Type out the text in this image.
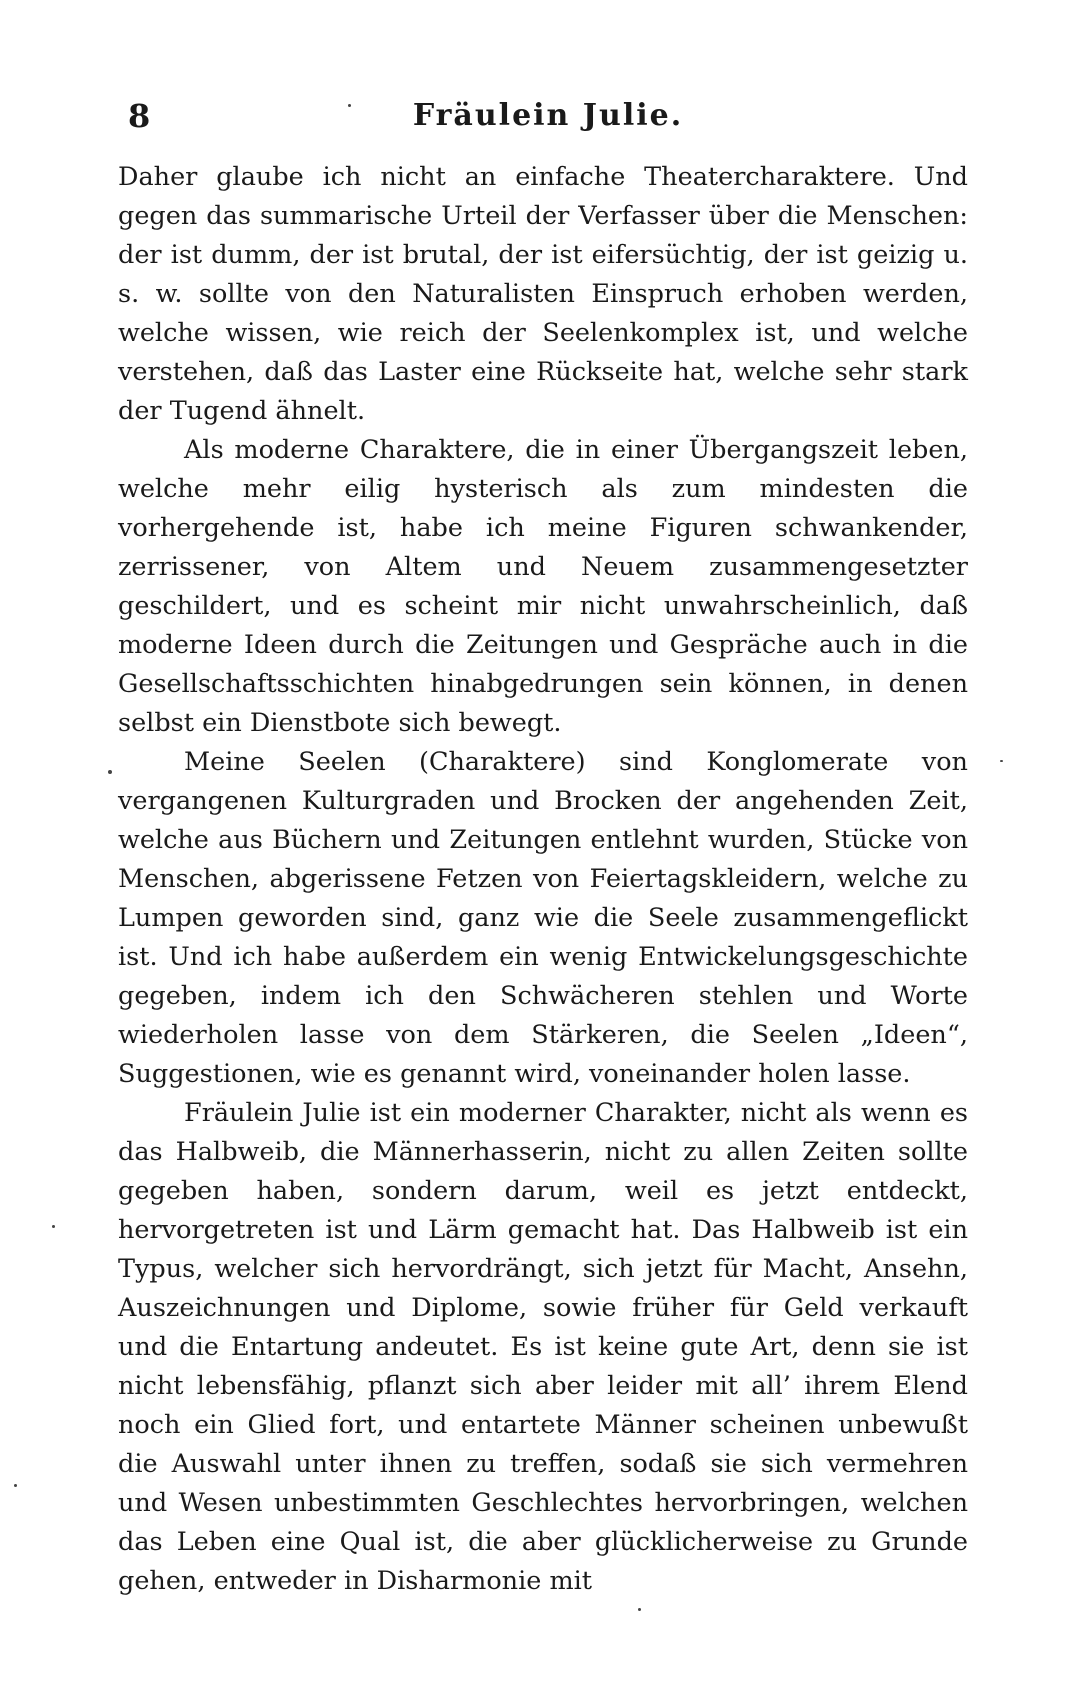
8	Fräulein Julie.

Daher glaube ich nicht an einfache Theatercharaktere. Und gegen das summarische Urteil der Verfasser über die Menschen: der ist dumm, der ist brutal, der ist eifersüchtig, der ist geizig u. s. w. sollte von den Naturalisten Einspruch erhoben werden, welche wissen, wie reich der Seelenkomplex ist, und welche verstehen, daß das Laster eine Rückseite hat, welche sehr stark der Tugend ähnelt.

Als moderne Charaktere, die in einer Übergangszeit leben, welche mehr eilig hysterisch als zum mindesten die vorhergehende ist, habe ich meine Figuren schwankender, zerrissener, von Altem und Neuem zusammengesetzter geschildert, und es scheint mir nicht unwahrscheinlich, daß moderne Ideen durch die Zeitungen und Gespräche auch in die Gesellschaftsschichten hinabgedrungen sein können, in denen selbst ein Dienstbote sich bewegt.

Meine Seelen (Charaktere) sind Konglomerate von vergangenen Kulturgraden und Brocken der angehenden Zeit, welche aus Büchern und Zeitungen entlehnt wurden, Stücke von Menschen, abgerissene Fetzen von Feiertagskleidern, welche zu Lumpen geworden sind, ganz wie die Seele zusammengeflickt ist. Und ich habe außerdem ein wenig Entwickelungsgeschichte gegeben, indem ich den Schwächeren stehlen und Worte wiederholen lasse von dem Stärkeren, die Seelen „Ideen“, Suggestionen, wie es genannt wird, voneinander holen lasse.

Fräulein Julie ist ein moderner Charakter, nicht als wenn es das Halbweib, die Männerhasserin, nicht zu allen Zeiten sollte gegeben haben, sondern darum, weil es jetzt entdeckt, hervorgetreten ist und Lärm gemacht hat. Das Halbweib ist ein Typus, welcher sich hervordrängt, sich jetzt für Macht, Ansehn, Auszeichnungen und Diplome, sowie früher für Geld verkauft und die Entartung andeutet. Es ist keine gute Art, denn sie ist nicht lebensfähig, pflanzt sich aber leider mit all’ ihrem Elend noch ein Glied fort, und entartete Männer scheinen unbewußt die Auswahl unter ihnen zu treffen, sodaß sie sich vermehren und Wesen unbestimmten Geschlechtes hervorbringen, welchen das Leben eine Qual ist, die aber glücklicherweise zu Grunde gehen, entweder in Disharmonie mit
